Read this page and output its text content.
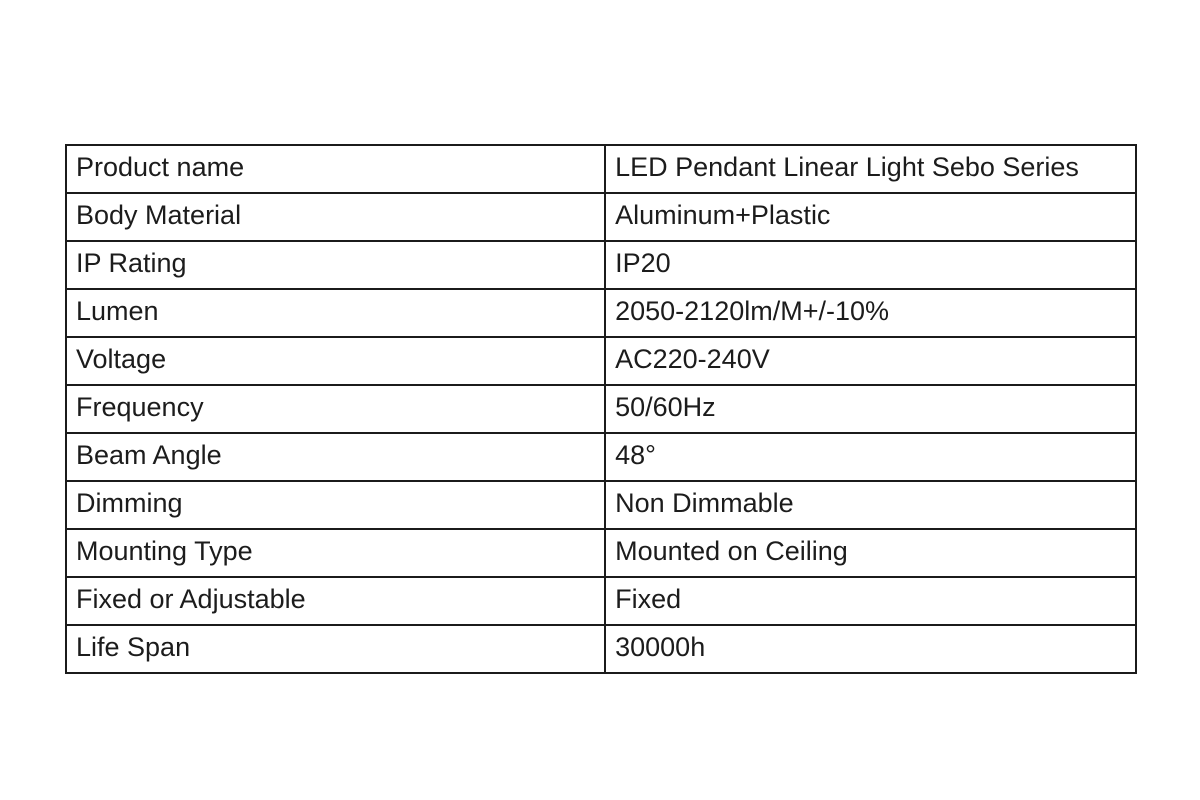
Product name	LED Pendant Linear Light Sebo Series
Body Material	Aluminum+Plastic
IP Rating	IP20
Lumen	2050-2120lm/M+/-10%
Voltage	AC220-240V
Frequency	50/60Hz
Beam Angle	48°
Dimming	Non Dimmable
Mounting Type	Mounted on Ceiling
Fixed or Adjustable	Fixed
Life Span	30000h
